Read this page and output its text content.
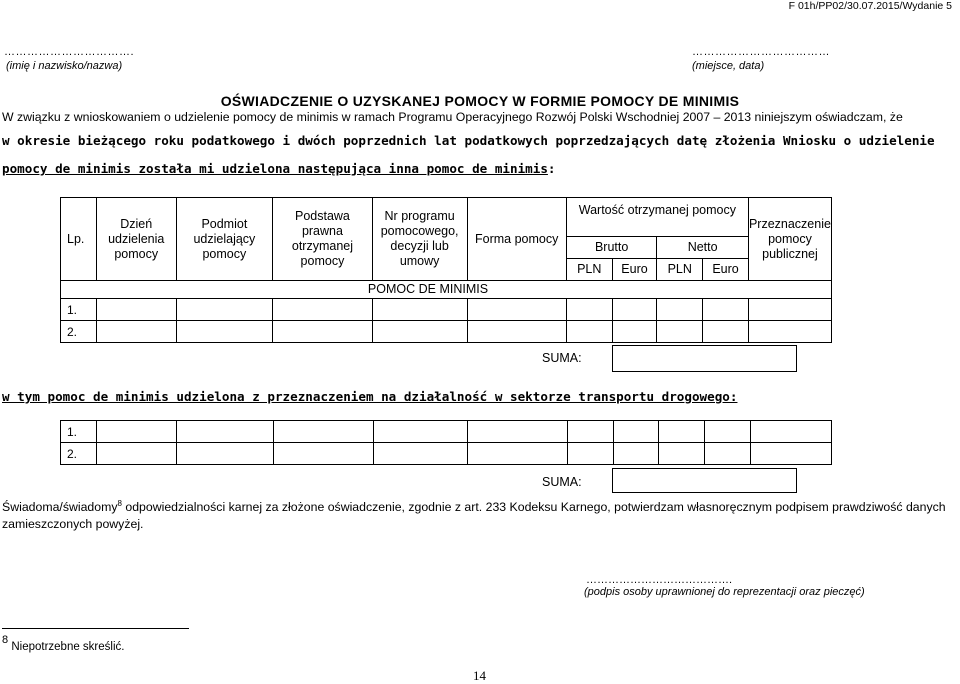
F 01h/PP02/30.07.2015/Wydanie 5
…………………………….
(imię i nazwisko/nazwa)
………………………………
(miejsce, data)
OŚWIADCZENIE O UZYSKANEJ POMOCY W FORMIE POMOCY DE MINIMIS
W związku z wnioskowaniem o udzielenie pomocy de minimis w ramach Programu Operacyjnego Rozwój Polski Wschodniej 2007 – 2013 niniejszym oświadczam, że
w okresie bieżącego roku podatkowego i dwóch poprzednich lat podatkowych poprzedzających datę złożenia Wniosku o udzielenie
pomocy de minimis została mi udzielona następująca inna pomoc de minimis:
Lp.	Dzień udzielenia pomocy	Podmiot udzielający pomocy	Podstawa prawna otrzymanej pomocy	Nr programu pomocowego, decyzji lub umowy	Forma pomocy	Wartość otrzymanej pomocy				Przeznaczenie pomocy publicznej
						Brutto		Netto		
						PLN	Euro	PLN	Euro	
POMOC DE MINIMIS										
1.										
2.										
SUMA:
w tym pomoc de minimis udzielona z przeznaczeniem na działalność w sektorze transportu drogowego:
1.										
2.										
SUMA:
Świadoma/świadomy$^8$ odpowiedzialności karnej za złożone oświadczenie, zgodnie z art. 233 Kodeksu Karnego, potwierdzam własnoręcznym podpisem prawdziwość danych zamieszczonych powyżej.
………………………………….
(podpis osoby uprawnionej do reprezentacji oraz pieczęć)
$^8$ Niepotrzebne skreślić.
14
